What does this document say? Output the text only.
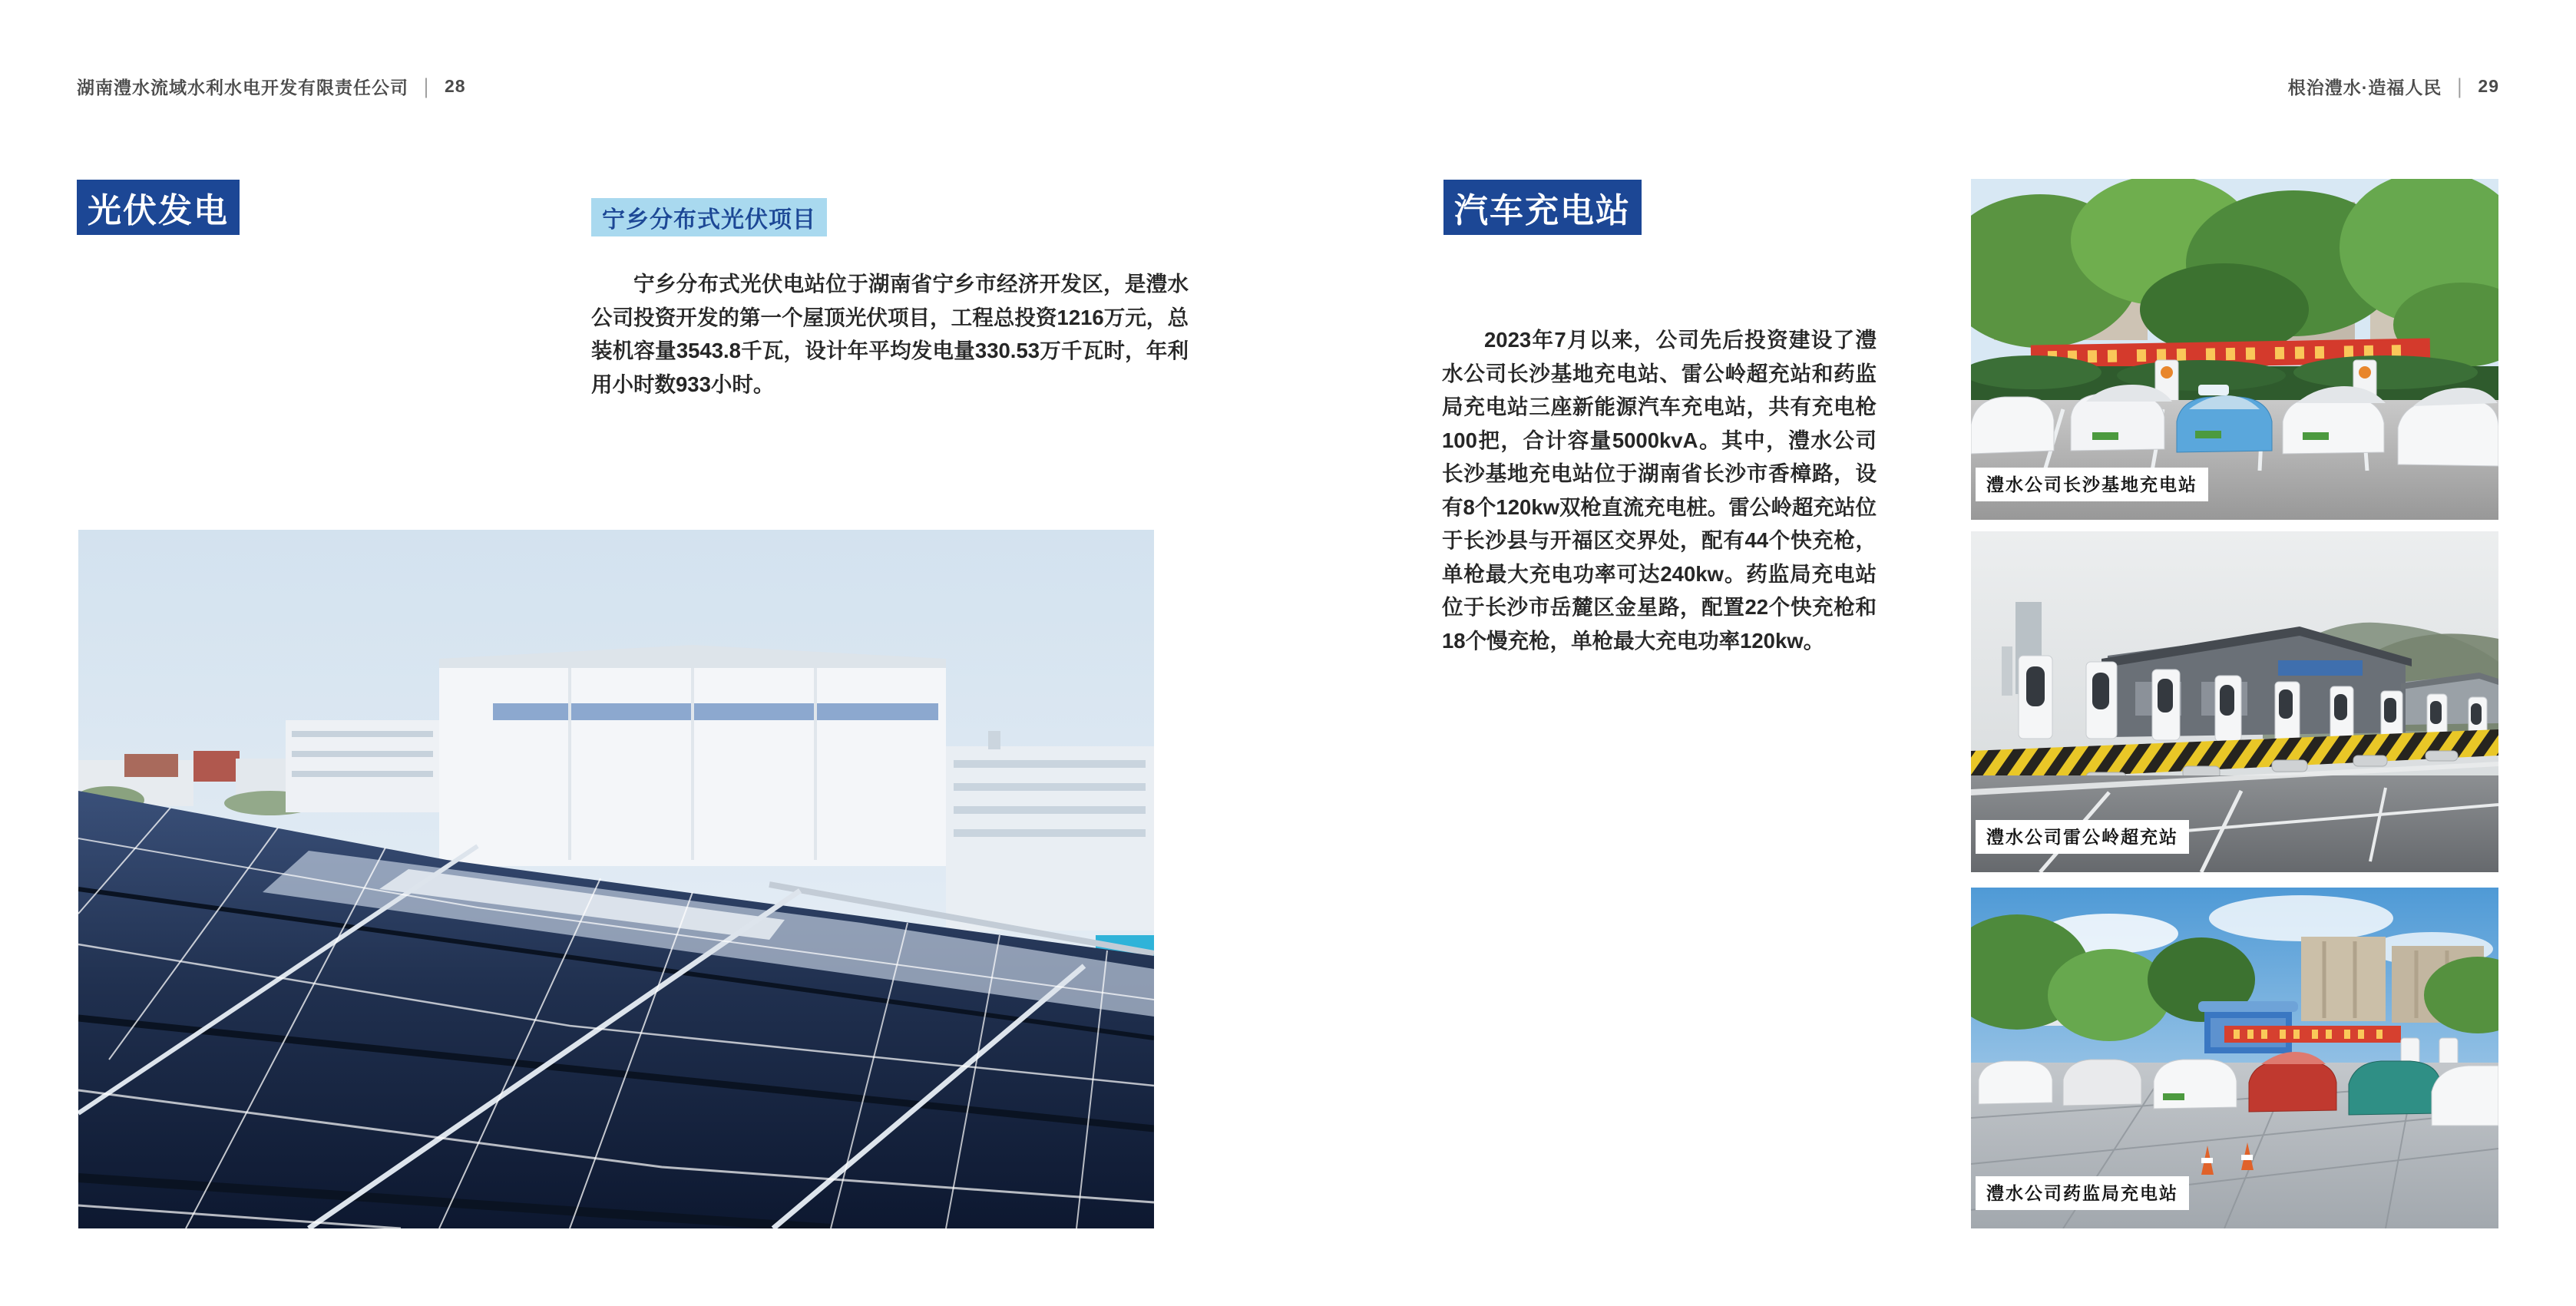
湖南澧水流域水利水电开发有限责任公司 | 28	根治澧水·造福人民 | 29
光伏发电	宁乡分布式光伏项目

宁乡分布式光伏电站位于湖南省宁乡市经济开发区，是澧水公司投资开发的第一个屋顶光伏项目，工程总投资1216万元，总装机容量3543.8千瓦，设计年平均发电量330.53万千瓦时，年利用小时数933小时。

汽车充电站

2023年7月以来，公司先后投资建设了澧水公司长沙基地充电站、雷公岭超充站和药监局充电站三座新能源汽车充电站，共有充电枪100把，合计容量5000kvA。其中，澧水公司长沙基地充电站位于湖南省长沙市香樟路，设有8个120kw双枪直流充电桩。雷公岭超充站位于长沙县与开福区交界处，配有44个快充枪，单枪最大充电功率可达240kw。药监局充电站位于长沙市岳麓区金星路，配置22个快充枪和18个慢充枪，单枪最大充电功率120kw。

澧水公司长沙基地充电站
澧水公司雷公岭超充站
澧水公司药监局充电站
